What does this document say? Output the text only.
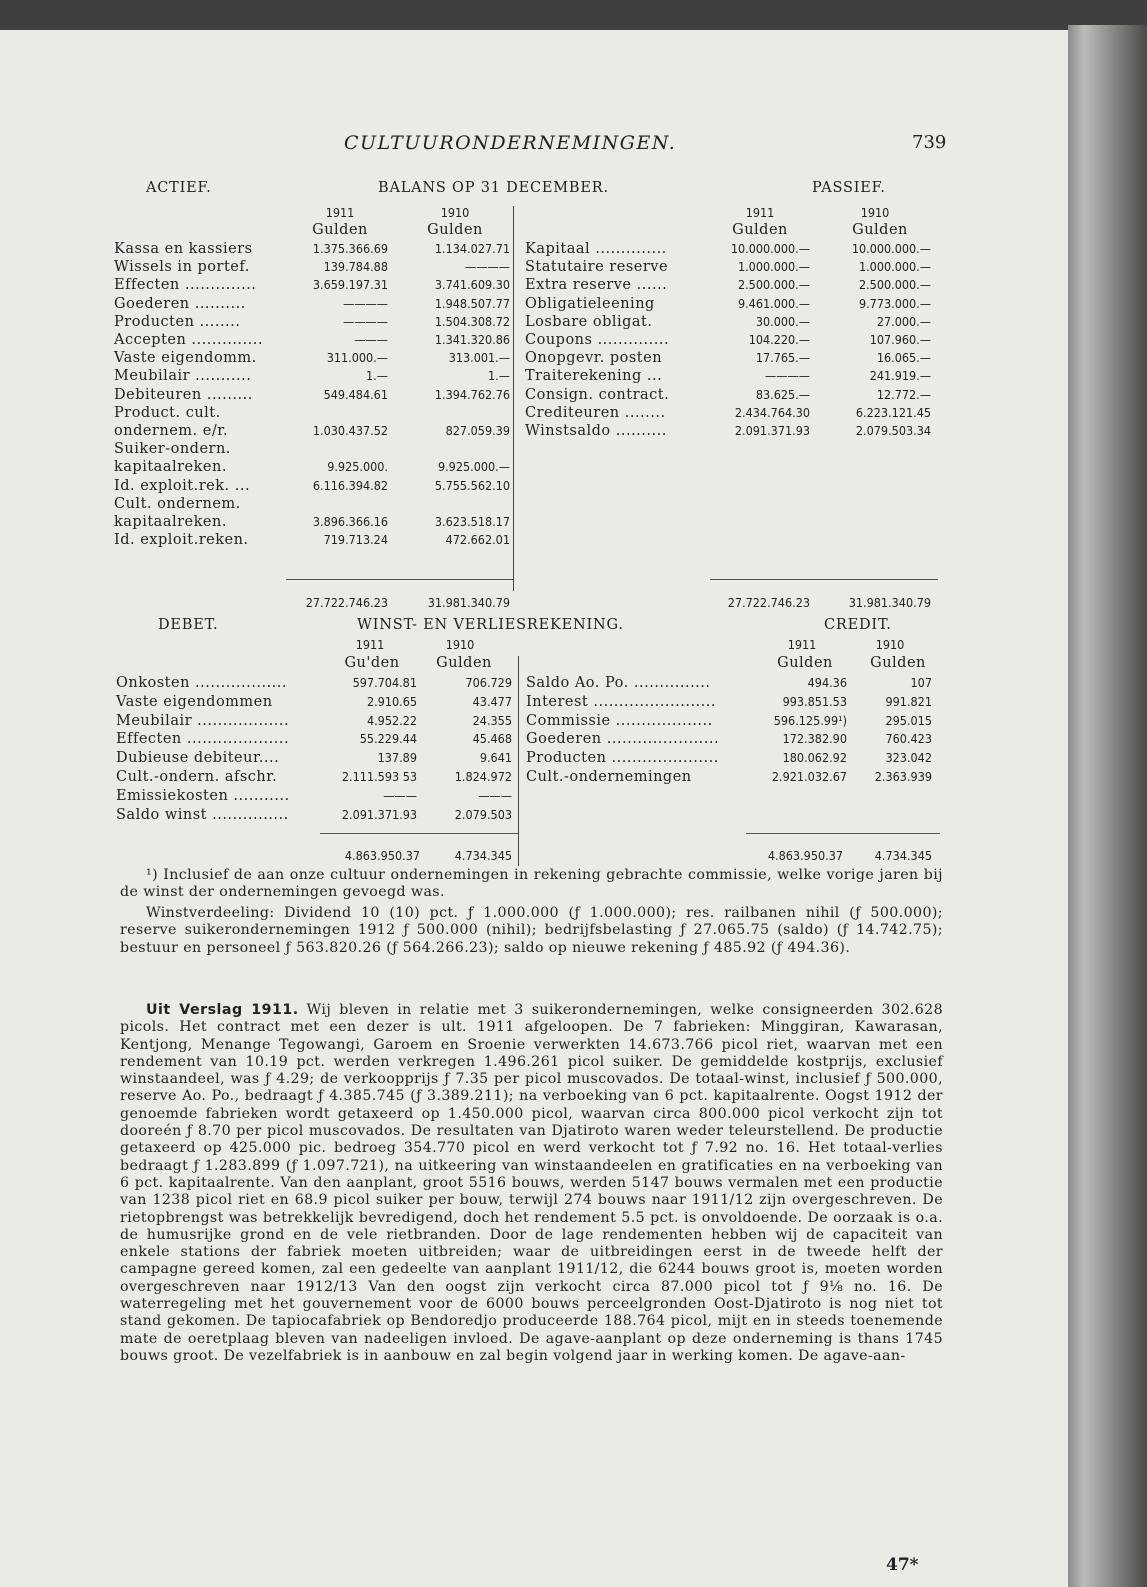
CULTUURONDERNEMINGEN.	739
ACTIEF.	BALANS OP 31 DECEMBER.	PASSIEF.
1911	1910
Gulden	Gulden
1911	1910
Gulden	Gulden
Kassa en kassiers	1.375.366.69	1.134.027.71
Wissels in portef.	139.784.88	————
Effecten ..............	3.659.197.31	3.741.609.30
Goederen ..........	————	1.948.507.77
Producten ........	————	1.504.308.72
Accepten ..............	———	1.341.320.86
Vaste eigendomm.	311.000.—	313.001.—
Meubilair ...........	1.—	1.—
Debiteuren .........	549.484.61	1.394.762.76
Product. cult.
ondernem. e/r.	1.030.437.52	827.059.39
Suiker-ondern.
kapitaalreken.	9.925.000.	9.925.000.—
Id. exploit.rek. ...	6.116.394.82	5.755.562.10
Cult. ondernem.
kapitaalreken.	3.896.366.16	3.623.518.17
Id. exploit.reken.	719.713.24	472.662.01
Kapitaal ..............	10.000.000.—	10.000.000.—
Statutaire reserve	1.000.000.—	1.000.000.—
Extra reserve ......	2.500.000.—	2.500.000.—
Obligatieleening	9.461.000.—	9.773.000.—
Losbare obligat.	30.000.—	27.000.—
Coupons ..............	104.220.—	107.960.—
Onopgevr. posten	17.765.—	16.065.—
Traiterekening ...	————	241.919.—
Consign. contract.	83.625.—	12.772.—
Crediteuren ........	2.434.764.30	6.223.121.45
Winstsaldo ..........	2.091.371.93	2.079.503.34
27.722.746.23	31.981.340.79	27.722.746.23	31.981.340.79
DEBET.	WINST- EN VERLIESREKENING.	CREDIT.
1911	1910
Gu'den	Gulden
1911	1910
Gulden	Gulden
Onkosten ..................	597.704.81	706.729
Vaste eigendommen	2.910.65	43.477
Meubilair ..................	4.952.22	24.355
Effecten ....................	55.229.44	45.468
Dubieuse debiteur....	137.89	9.641
Cult.-ondern. afschr.	2.111.593 53	1.824.972
Emissiekosten ...........	———	———
Saldo winst ...............	2.091.371.93	2.079.503
Saldo Ao. Po. ...............	494.36	107
Interest ........................	993.851.53	991.821
Commissie ...................	596.125.99¹)	295.015
Goederen ......................	172.382.90	760.423
Producten .....................	180.062.92	323.042
Cult.-ondernemingen	2.921.032.67	2.363.939
4.863.950.37	4.734.345	4.863.950.37	4.734.345
¹) Inclusief de aan onze cultuur ondernemingen in rekening gebrachte commissie, welke vorige jaren bij de winst der ondernemingen gevoegd was.
Winstverdeeling: Dividend 10 (10) pct. ƒ 1.000.000 (ƒ 1.000.000); res. railbanen nihil (ƒ 500.000); reserve suikerondernemingen 1912 ƒ 500.000 (nihil); bedrijfsbelasting ƒ 27.065.75 (saldo) (ƒ 14.742.75); bestuur en personeel ƒ 563.820.26 (ƒ 564.266.23); saldo op nieuwe rekening ƒ 485.92 (ƒ 494.36).
Uit Verslag 1911. Wij bleven in relatie met 3 suikerondernemingen, welke consigneerden 302.628 picols. Het contract met een dezer is ult. 1911 afgeloopen. De 7 fabrieken: Minggiran, Kawarasan, Kentjong, Menange Tegowangi, Garoem en Sroenie verwerkten 14.673.766 picol riet, waarvan met een rendement van 10.19 pct. werden verkregen 1.496.261 picol suiker. De gemiddelde kostprijs, exclusief winstaandeel, was ƒ 4.29; de verkoopprijs ƒ 7.35 per picol muscovados. De totaal-winst, inclusief ƒ 500.000, reserve Ao. Po., bedraagt ƒ 4.385.745 (ƒ 3.389.211); na verboeking van 6 pct. kapitaalrente. Oogst 1912 der genoemde fabrieken wordt getaxeerd op 1.450.000 picol, waarvan circa 800.000 picol verkocht zijn tot dooreén ƒ 8.70 per picol muscovados. De resultaten van Djatiroto waren weder teleurstellend. De productie getaxeerd op 425.000 pic. bedroeg 354.770 picol en werd verkocht tot ƒ 7.92 no. 16. Het totaal-verlies bedraagt ƒ 1.283.899 (ƒ 1.097.721), na uitkeering van winstaandeelen en gratificaties en na verboeking van 6 pct. kapitaalrente. Van den aanplant, groot 5516 bouws, werden 5147 bouws vermalen met een productie van 1238 picol riet en 68.9 picol suiker per bouw, terwijl 274 bouws naar 1911/12 zijn overgeschreven. De rietopbrengst was betrekkelijk bevredigend, doch het rendement 5.5 pct. is onvoldoende. De oorzaak is o.a. de humusrijke grond en de vele rietbranden. Door de lage rendementen hebben wij de capaciteit van enkele stations der fabriek moeten uitbreiden; waar de uitbreidingen eerst in de tweede helft der campagne gereed komen, zal een gedeelte van aanplant 1911/12, die 6244 bouws groot is, moeten worden overgeschreven naar 1912/13 Van den oogst zijn verkocht circa 87.000 picol tot ƒ 9⅛ no. 16. De waterregeling met het gouvernement voor de 6000 bouws perceelgronden Oost-Djatiroto is nog niet tot stand gekomen. De tapiocafabriek op Bendoredjo produceerde 188.764 picol, mijt en in steeds toenemende mate de oeretplaag bleven van nadeeligen invloed. De agave-aanplant op deze onderneming is thans 1745 bouws groot. De vezelfabriek is in aanbouw en zal begin volgend jaar in werking komen. De agave-aan-
47*
